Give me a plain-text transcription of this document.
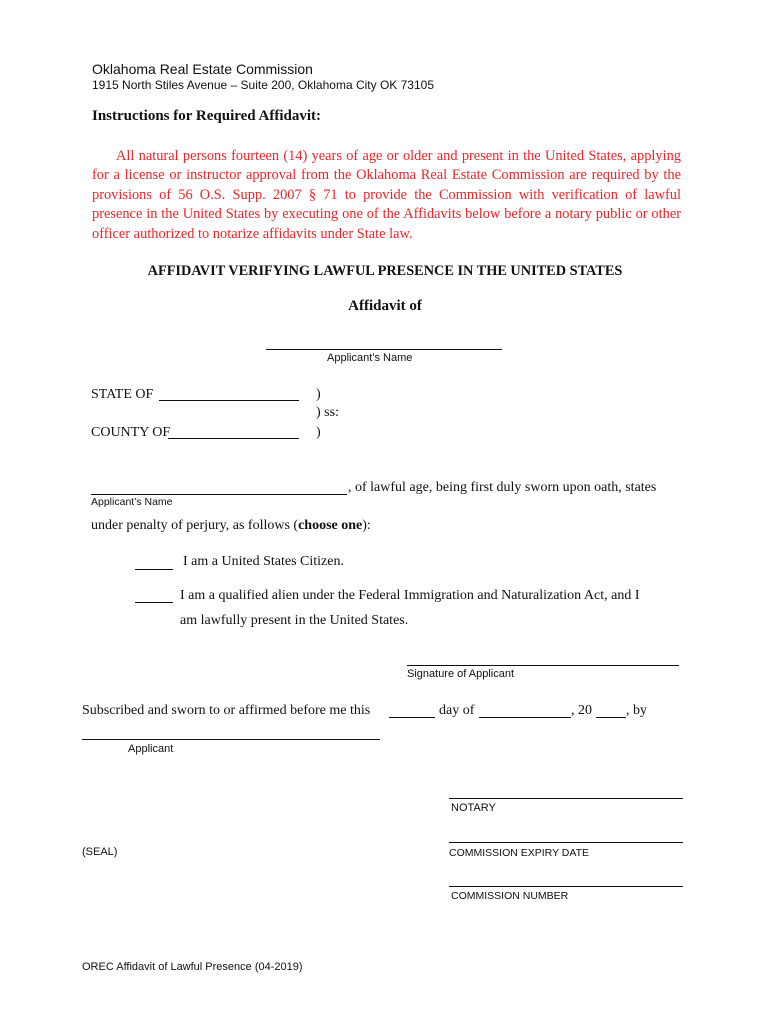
Oklahoma Real Estate Commission
1915 North Stiles Avenue – Suite 200, Oklahoma City OK 73105
Instructions for Required Affidavit:
All natural persons fourteen (14) years of age or older and present in the United States, applying for a license or instructor approval from the Oklahoma Real Estate Commission are required by the provisions of 56 O.S. Supp. 2007 § 71 to provide the Commission with verification of lawful presence in the United States by executing one of the Affidavits below before a notary public or other officer authorized to notarize affidavits under State law.
AFFIDAVIT VERIFYING LAWFUL PRESENCE IN THE UNITED STATES
Affidavit of
Applicant’s Name
STATE OF	)
) ss:
COUNTY OF	)
, of lawful age, being first duly sworn upon oath, states
Applicant’s Name
under penalty of perjury, as follows (choose one):
I am a United States Citizen.
I am a qualified alien under the Federal Immigration and Naturalization Act, and I
am lawfully present in the United States.
Signature of Applicant
Subscribed and sworn to or affirmed before me this	day of	, 20 , by
Applicant
NOTARY
(SEAL)	COMMISSION EXPIRY DATE
COMMISSION NUMBER
OREC Affidavit of Lawful Presence (04-2019)
